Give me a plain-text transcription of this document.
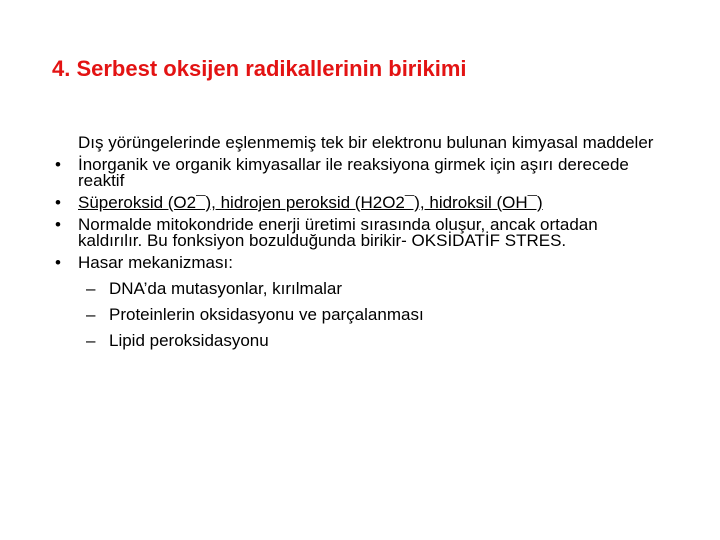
4. Serbest oksijen radikallerinin birikimi
Dış yörüngelerinde eşlenmemiş tek bir elektronu bulunan kimyasal maddeler
• İnorganik ve organik kimyasallar ile reaksiyona girmek için aşırı derecede reaktif
• Süperoksid (O2¯), hidrojen peroksid (H2O2¯), hidroksil (OH¯)
• Normalde mitokondride enerji üretimi sırasında oluşur, ancak ortadan kaldırılır. Bu fonksiyon bozulduğunda birikir- OKSİDATİF STRES.
• Hasar mekanizması:
– DNA’da mutasyonlar, kırılmalar
– Proteinlerin oksidasyonu ve parçalanması
– Lipid peroksidasyonu
